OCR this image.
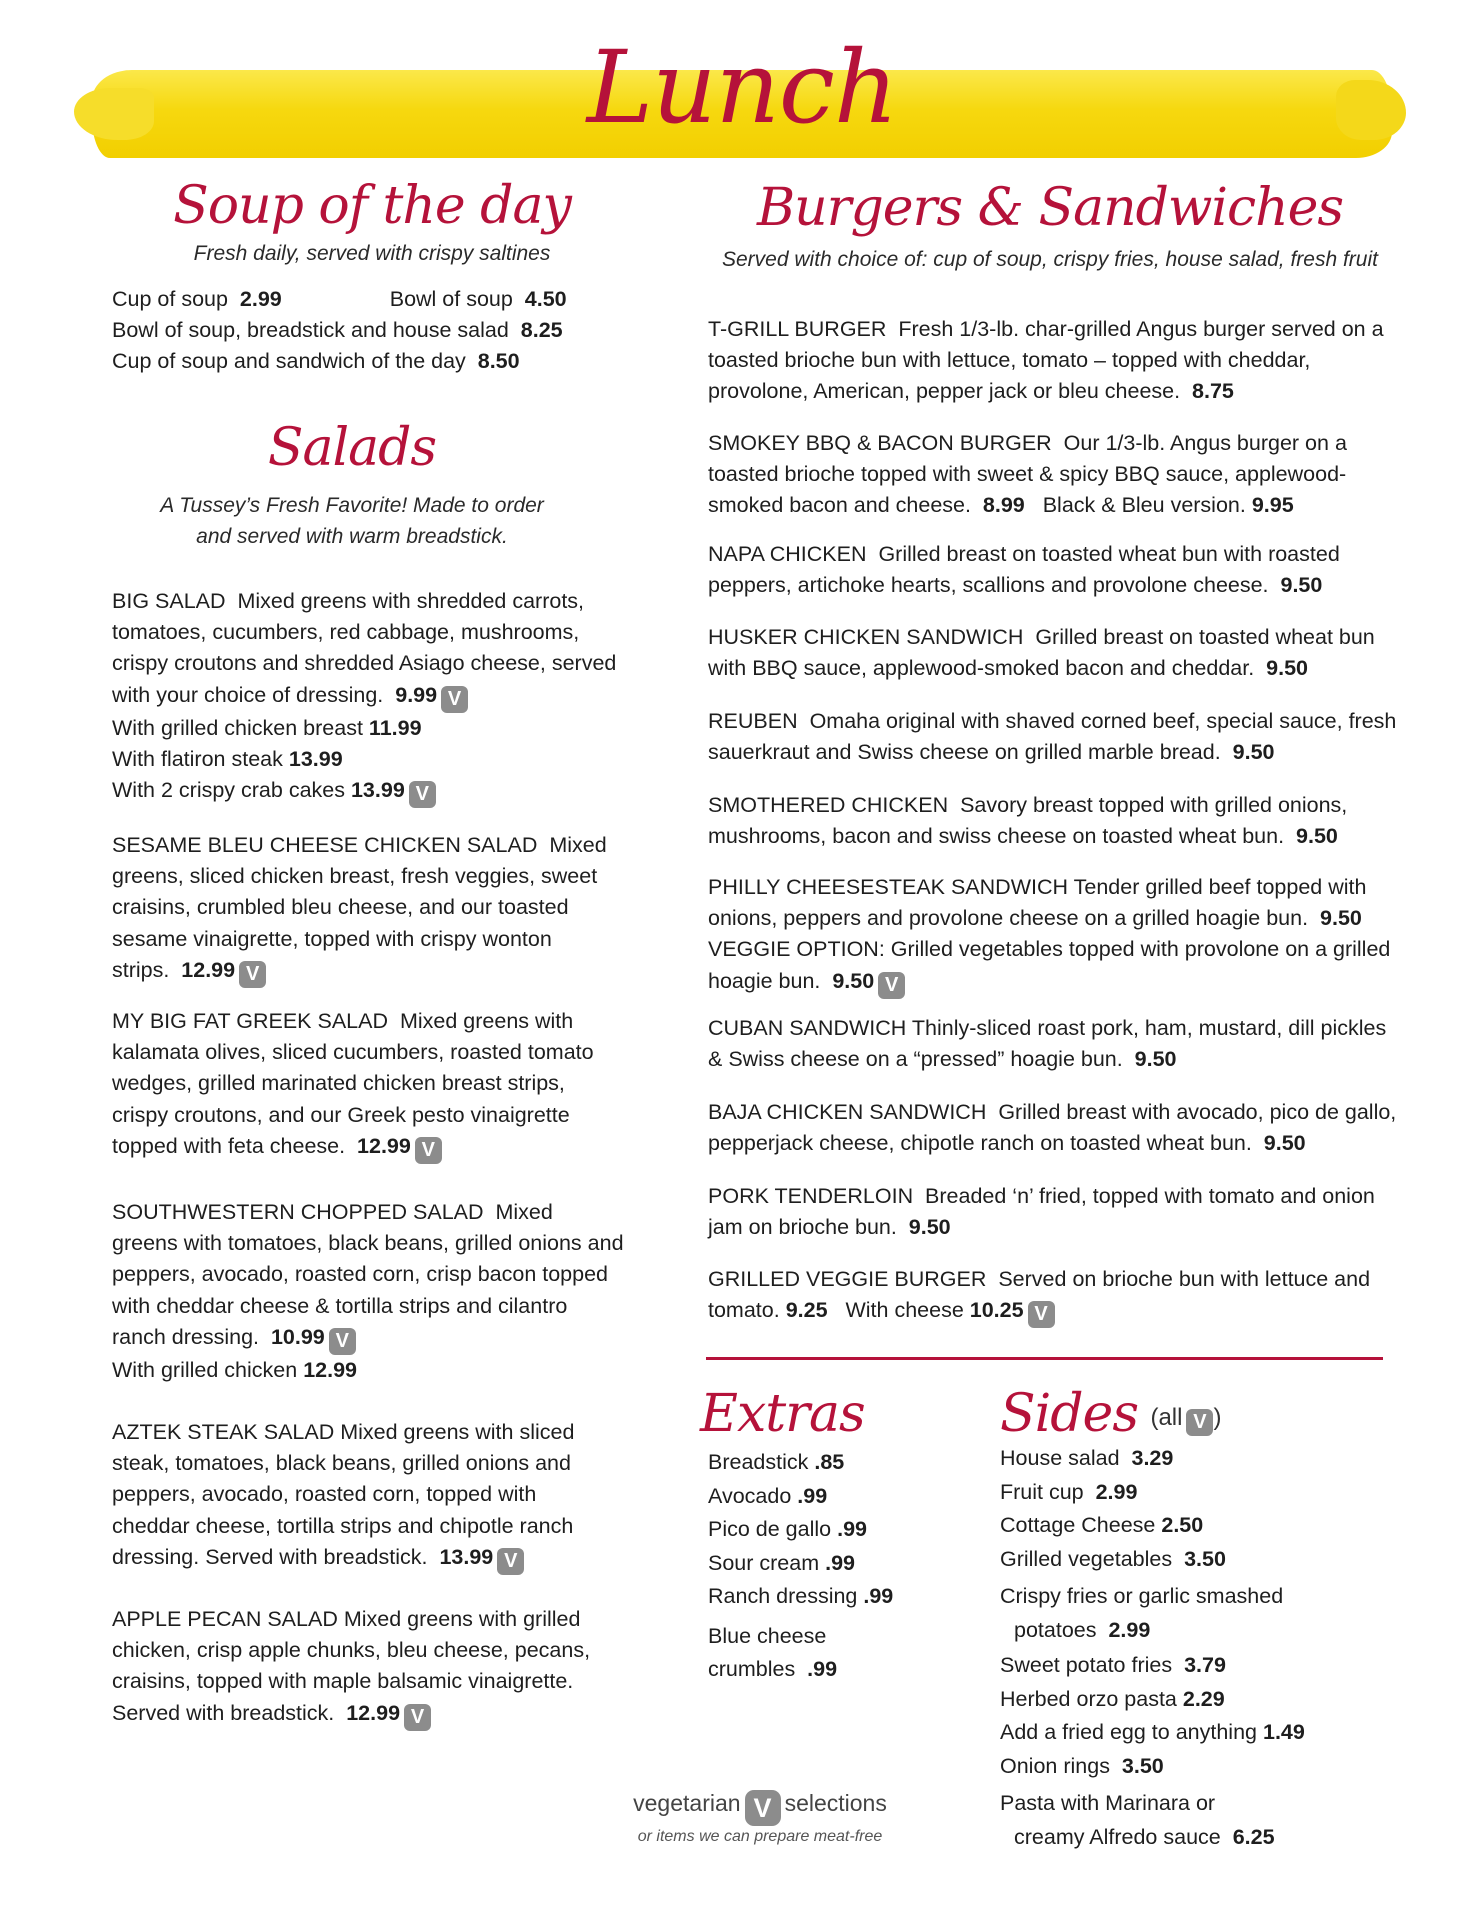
Lunch
Soup of the day
Fresh daily, served with crispy saltines
Cup of soup 2.99	Bowl of soup 4.50
Bowl of soup, breadstick and house salad 8.25
Cup of soup and sandwich of the day 8.50
Salads
A Tussey’s Fresh Favorite! Made to order
and served with warm breadstick.
BIG SALAD Mixed greens with shredded carrots, tomatoes, cucumbers, red cabbage, mushrooms, crispy croutons and shredded Asiago cheese, served with your choice of dressing. 9.99 V
With grilled chicken breast 11.99
With flatiron steak 13.99
With 2 crispy crab cakes 13.99 V
SESAME BLEU CHEESE CHICKEN SALAD Mixed greens, sliced chicken breast, fresh veggies, sweet craisins, crumbled bleu cheese, and our toasted sesame vinaigrette, topped with crispy wonton strips. 12.99 V
MY BIG FAT GREEK SALAD Mixed greens with kalamata olives, sliced cucumbers, roasted tomato wedges, grilled marinated chicken breast strips, crispy croutons, and our Greek pesto vinaigrette topped with feta cheese. 12.99 V
SOUTHWESTERN CHOPPED SALAD Mixed greens with tomatoes, black beans, grilled onions and peppers, avocado, roasted corn, crisp bacon topped with cheddar cheese & tortilla strips and cilantro ranch dressing. 10.99 V
With grilled chicken 12.99
AZTEK STEAK SALAD Mixed greens with sliced steak, tomatoes, black beans, grilled onions and peppers, avocado, roasted corn, topped with cheddar cheese, tortilla strips and chipotle ranch dressing. Served with breadstick. 13.99 V
APPLE PECAN SALAD Mixed greens with grilled chicken, crisp apple chunks, bleu cheese, pecans, craisins, topped with maple balsamic vinaigrette. Served with breadstick. 12.99 V
Burgers & Sandwiches
Served with choice of: cup of soup, crispy fries, house salad, fresh fruit
T-GRILL BURGER Fresh 1/3-lb. char-grilled Angus burger served on a toasted brioche bun with lettuce, tomato – topped with cheddar, provolone, American, pepper jack or bleu cheese. 8.75
SMOKEY BBQ & BACON BURGER Our 1/3-lb. Angus burger on a toasted brioche topped with sweet & spicy BBQ sauce, applewood-smoked bacon and cheese. 8.99 Black & Bleu version. 9.95
NAPA CHICKEN Grilled breast on toasted wheat bun with roasted peppers, artichoke hearts, scallions and provolone cheese. 9.50
HUSKER CHICKEN SANDWICH Grilled breast on toasted wheat bun with BBQ sauce, applewood-smoked bacon and cheddar. 9.50
REUBEN Omaha original with shaved corned beef, special sauce, fresh sauerkraut and Swiss cheese on grilled marble bread. 9.50
SMOTHERED CHICKEN Savory breast topped with grilled onions, mushrooms, bacon and swiss cheese on toasted wheat bun. 9.50
PHILLY CHEESESTEAK SANDWICH Tender grilled beef topped with onions, peppers and provolone cheese on a grilled hoagie bun. 9.50
VEGGIE OPTION: Grilled vegetables topped with provolone on a grilled hoagie bun. 9.50 V
CUBAN SANDWICH Thinly-sliced roast pork, ham, mustard, dill pickles & Swiss cheese on a “pressed” hoagie bun. 9.50
BAJA CHICKEN SANDWICH Grilled breast with avocado, pico de gallo, pepperjack cheese, chipotle ranch on toasted wheat bun. 9.50
PORK TENDERLOIN Breaded ‘n’ fried, topped with tomato and onion jam on brioche bun. 9.50
GRILLED VEGGIE BURGER Served on brioche bun with lettuce and tomato. 9.25 With cheese 10.25 V
Extras
Breadstick .85
Avocado .99
Pico de gallo .99
Sour cream .99
Ranch dressing .99
Blue cheese
crumbles .99
Sides (all V )
House salad 3.29
Fruit cup 2.99
Cottage Cheese 2.50
Grilled vegetables 3.50
Crispy fries or garlic smashed
potatoes 2.99
Sweet potato fries 3.79
Herbed orzo pasta 2.29
Add a fried egg to anything 1.49
Onion rings 3.50
Pasta with Marinara or
creamy Alfredo sauce 6.25
vegetarian V selections
or items we can prepare meat-free
